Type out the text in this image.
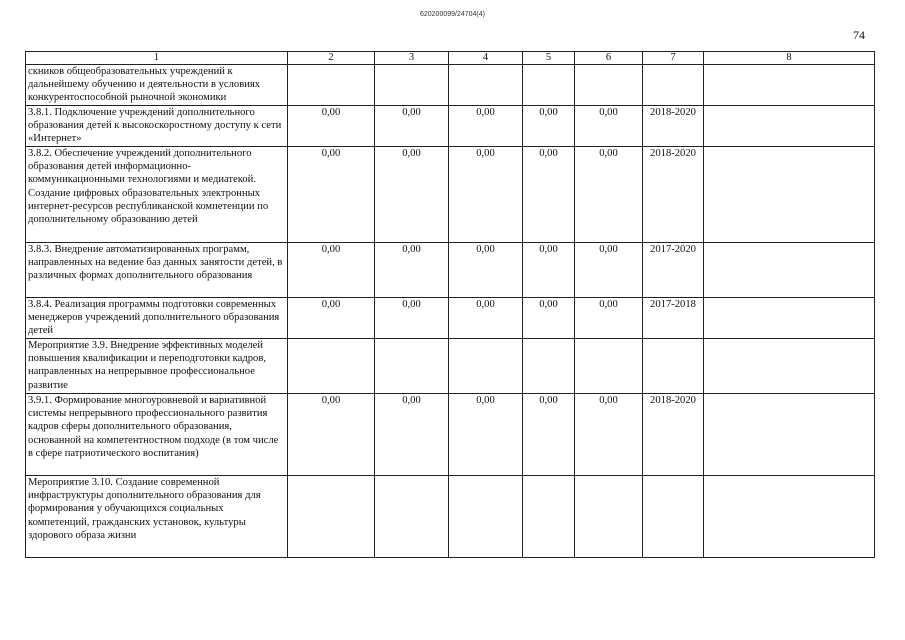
620200099/24704(4)
74
1	2	3	4	5	6	7	8
скников общеобразовательных учреждений к дальнейшему обучению и деятельности в условиях конкурентоспособной рыночной экономики							
3.8.1. Подключение учреждений дополнительного образования детей к высокоскоростному доступу к сети «Интернет»	0,00	0,00	0,00	0,00	0,00	2018-2020	
3.8.2. Обеспечение учреждений дополнительного образования детей информационно-коммуникационными технологиями и медиатекой. Создание цифровых образовательных электронных интернет-ресурсов республиканской компетенции по дополнительному образованию детей	0,00	0,00	0,00	0,00	0,00	2018-2020	
3.8.3. Внедрение автоматизированных программ, направленных на ведение баз данных занятости детей, в различных формах дополнительного образования	0,00	0,00	0,00	0,00	0,00	2017-2020	
3.8.4. Реализация программы подготовки современных менеджеров учреждений дополнительного образования детей	0,00	0,00	0,00	0,00	0,00	2017-2018	
Мероприятие 3.9. Внедрение эффективных моделей повышения квалификации и переподготовки кадров, направленных на непрерывное профессиональное развитие							
3.9.1. Формирование многоуровневой и вариативной системы непрерывного профессионального развития кадров сферы дополнительного образования, основанной на компетентностном подходе (в том числе в сфере патриотического воспитания)	0,00	0,00	0,00	0,00	0,00	2018-2020	
Мероприятие 3.10. Создание современной инфраструктуры дополнительного образования для формирования у обучающихся социальных компетенций, гражданских установок, культуры здорового образа жизни							
